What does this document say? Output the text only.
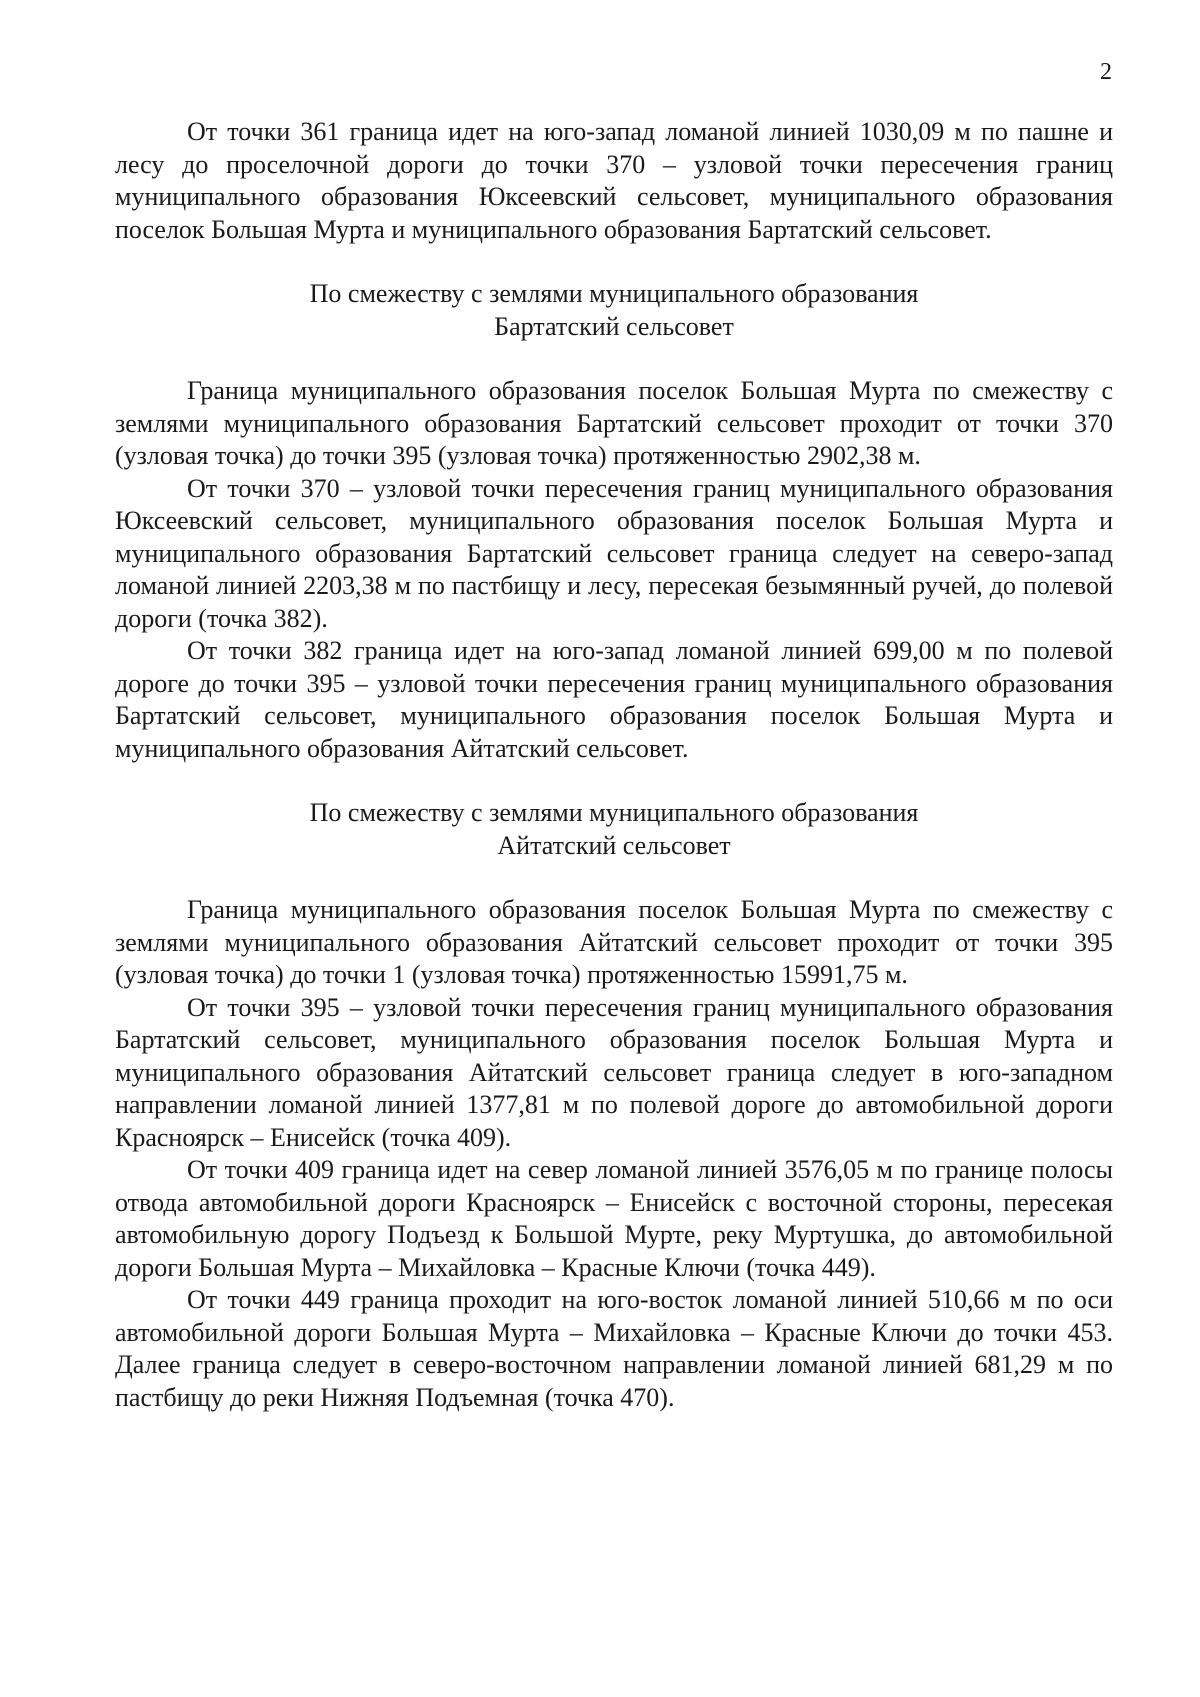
2

От точки 361 граница идет на юго-запад ломаной линией 1030,09 м по пашне и лесу до проселочной дороги до точки 370 – узловой точки пересечения границ муниципального образования Юксеевский сельсовет, муниципального образования поселок Большая Мурта и муниципального образования Бартатский сельсовет.

По смежеству с землями муниципального образования
Бартатский сельсовет

Граница муниципального образования поселок Большая Мурта по смежеству с землями муниципального образования Бартатский сельсовет проходит от точки 370 (узловая точка) до точки 395 (узловая точка) протяженностью 2902,38 м.

От точки 370 – узловой точки пересечения границ муниципального образования Юксеевский сельсовет, муниципального образования поселок Большая Мурта и муниципального образования Бартатский сельсовет граница следует на северо-запад ломаной линией 2203,38 м по пастбищу и лесу, пересекая безымянный ручей, до полевой дороги (точка 382).

От точки 382 граница идет на юго-запад ломаной линией 699,00 м по полевой дороге до точки 395 – узловой точки пересечения границ муниципального образования Бартатский сельсовет, муниципального образования поселок Большая Мурта и муниципального образования Айтатский сельсовет.

По смежеству с землями муниципального образования
Айтатский сельсовет

Граница муниципального образования поселок Большая Мурта по смежеству с землями муниципального образования Айтатский сельсовет проходит от точки 395 (узловая точка) до точки 1 (узловая точка) протяженностью 15991,75 м.

От точки 395 – узловой точки пересечения границ муниципального образования Бартатский сельсовет, муниципального образования поселок Большая Мурта и муниципального образования Айтатский сельсовет граница следует в юго-западном направлении ломаной линией 1377,81 м по полевой дороге до автомобильной дороги Красноярск – Енисейск (точка 409).

От точки 409 граница идет на север ломаной линией 3576,05 м по границе полосы отвода автомобильной дороги Красноярск – Енисейск с восточной стороны, пересекая автомобильную дорогу Подъезд к Большой Мурте, реку Муртушка, до автомобильной дороги Большая Мурта – Михайловка – Красные Ключи (точка 449).

От точки 449 граница проходит на юго-восток ломаной линией 510,66 м по оси автомобильной дороги Большая Мурта – Михайловка – Красные Ключи до точки 453. Далее граница следует в северо-восточном направлении ломаной линией 681,29 м по пастбищу до реки Нижняя Подъемная (точка 470).
